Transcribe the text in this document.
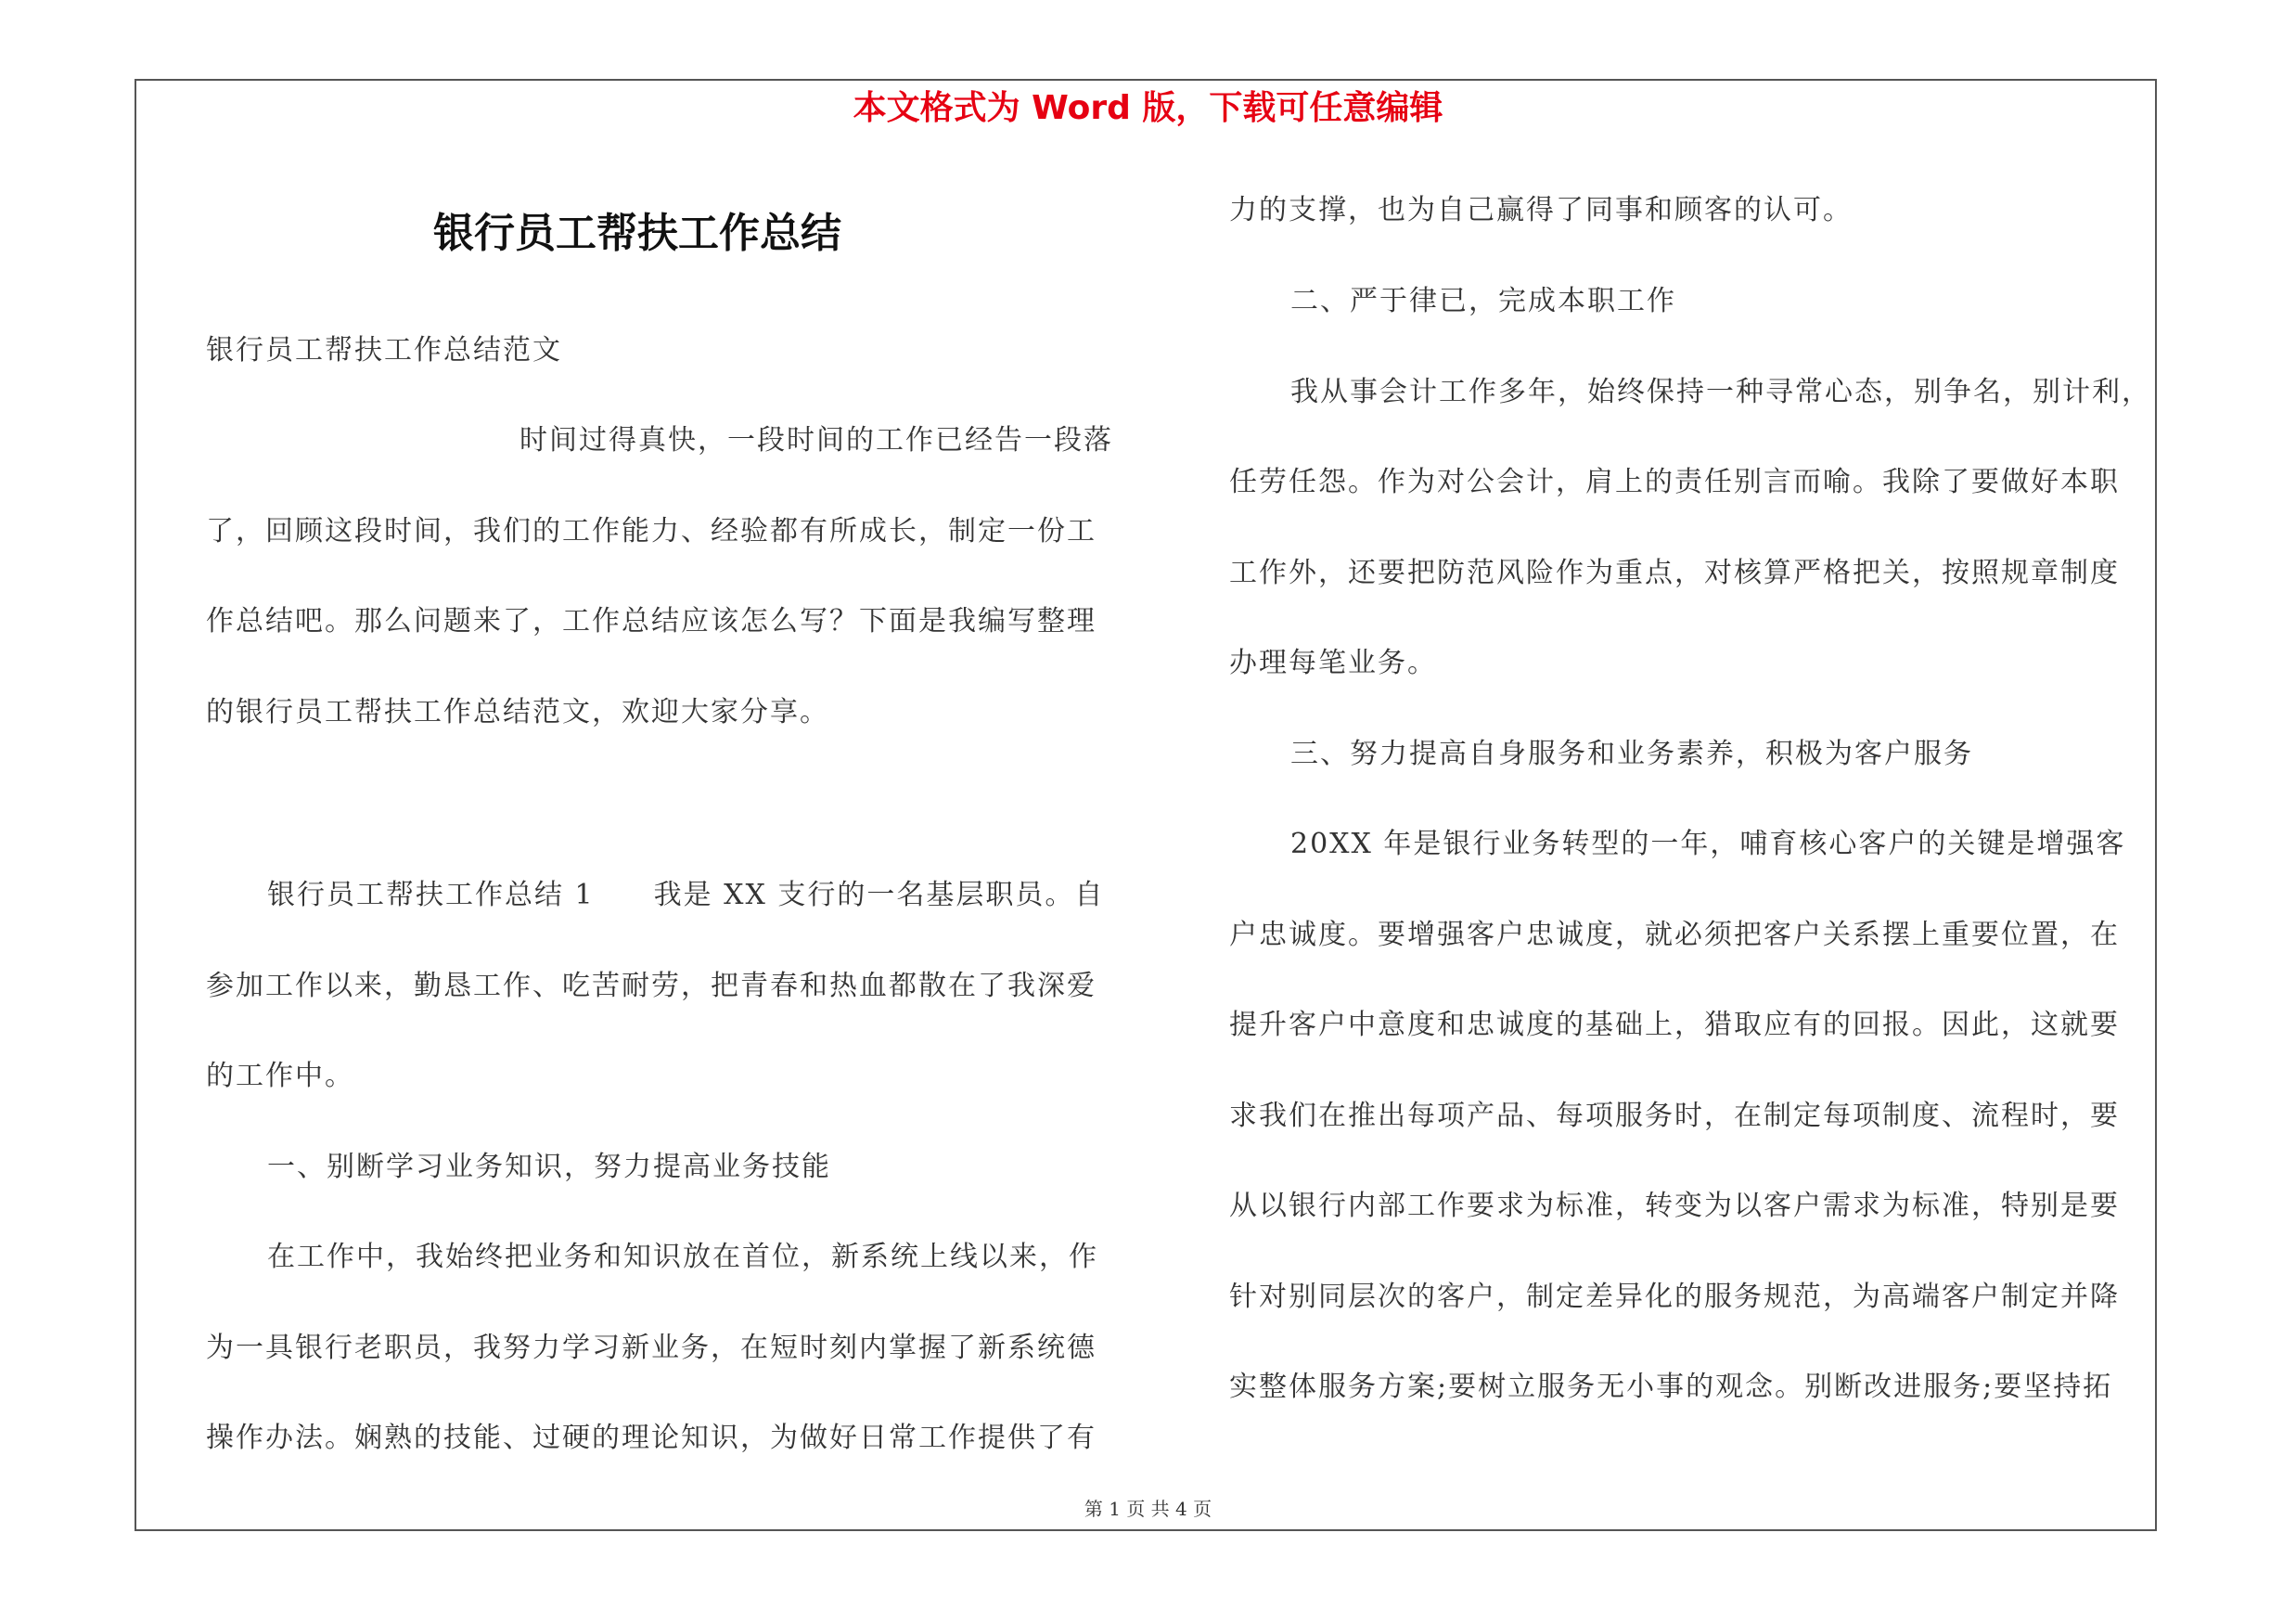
本文格式为 Word 版，下载可任意编辑
银行员工帮扶工作总结
银行员工帮扶工作总结范文
时间过得真快，一段时间的工作已经告一段落
了，回顾这段时间，我们的工作能力、经验都有所成长，制定一份工
作总结吧。那么问题来了，工作总结应该怎么写？下面是我编写整理
的银行员工帮扶工作总结范文，欢迎大家分享。
银行员工帮扶工作总结 1　　我是 XX 支行的一名基层职员。自
参加工作以来，勤恳工作、吃苦耐劳，把青春和热血都散在了我深爱
的工作中。
一、别断学习业务知识，努力提高业务技能
在工作中，我始终把业务和知识放在首位，新系统上线以来，作
为一具银行老职员，我努力学习新业务，在短时刻内掌握了新系统德
操作办法。娴熟的技能、过硬的理论知识，为做好日常工作提供了有
力的支撑，也为自己赢得了同事和顾客的认可。
二、严于律已，完成本职工作
我从事会计工作多年，始终保持一种寻常心态，别争名，别计利，
任劳任怨。作为对公会计，肩上的责任别言而喻。我除了要做好本职
工作外，还要把防范风险作为重点，对核算严格把关，按照规章制度
办理每笔业务。
三、努力提高自身服务和业务素养，积极为客户服务
20XX 年是银行业务转型的一年，哺育核心客户的关键是增强客
户忠诚度。要增强客户忠诚度，就必须把客户关系摆上重要位置，在
提升客户中意度和忠诚度的基础上，猎取应有的回报。因此，这就要
求我们在推出每项产品、每项服务时，在制定每项制度、流程时，要
从以银行内部工作要求为标准，转变为以客户需求为标准，特别是要
针对别同层次的客户，制定差异化的服务规范，为高端客户制定并降
实整体服务方案;要树立服务无小事的观念。别断改进服务;要坚持拓
第 1 页 共 4 页
